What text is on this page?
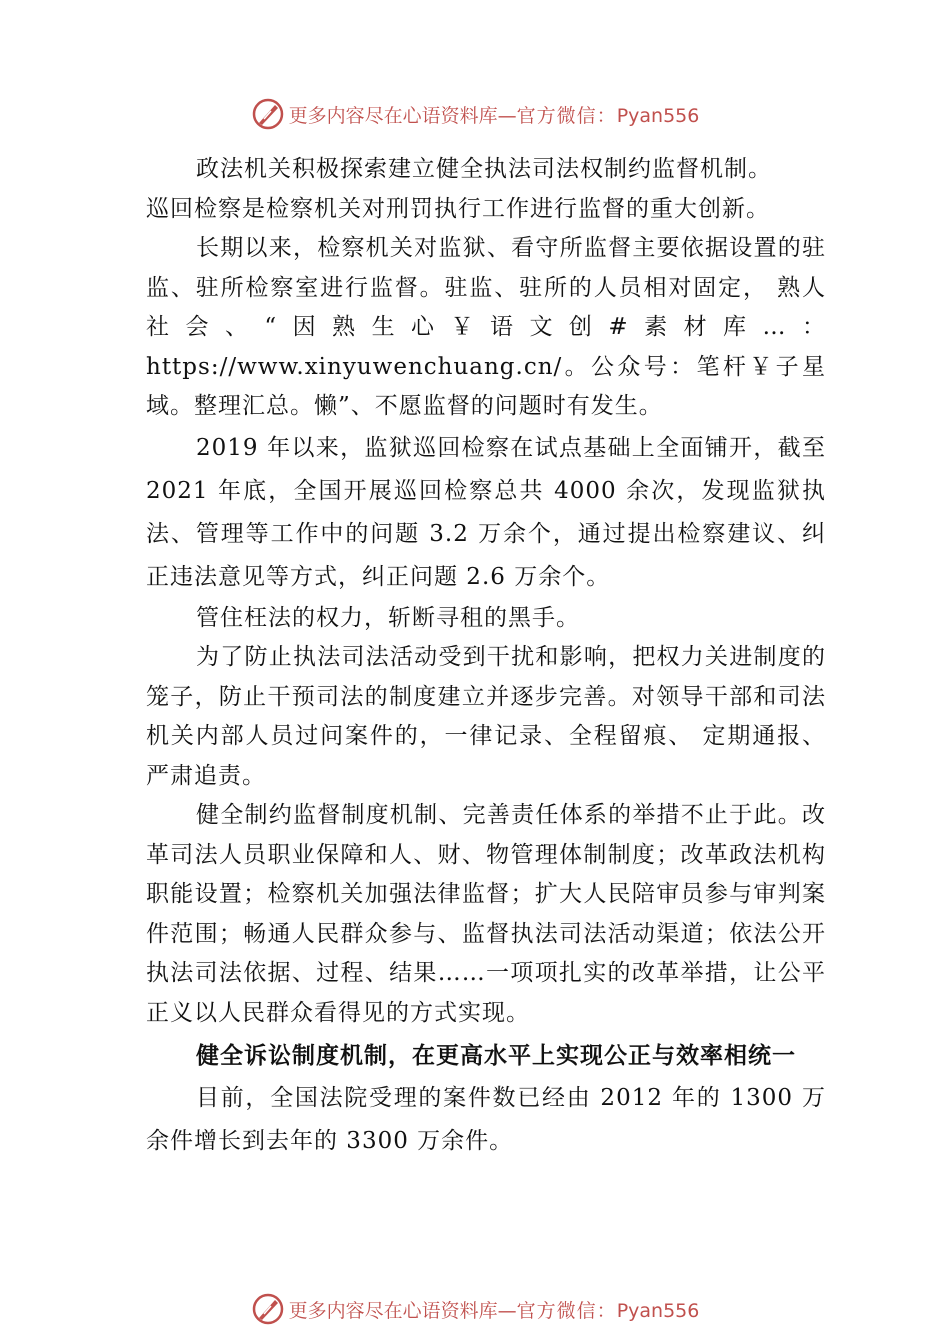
更多内容尽在心语资料库—官方微信：Pyan556

政法机关积极探索建立健全执法司法权制约监督机制。

巡回检察是检察机关对刑罚执行工作进行监督的重大创新。

长期以来，检察机关对监狱、看守所监督主要依据设置的驻监、驻所检察室进行监督。驻监、驻所的人员相对固定， 熟人社会、“因熟生心￥语文创#素材库…：https://www.xinyuwenchuang.cn/。公众号：笔杆￥子星域。整理汇总。懒”、不愿监督的问题时有发生。

2019 年以来，监狱巡回检察在试点基础上全面铺开，截至 2021 年底，全国开展巡回检察总共 4000 余次，发现监狱执法、管理等工作中的问题 3.2 万余个，通过提出检察建议、纠正违法意见等方式，纠正问题 2.6 万余个。

管住枉法的权力，斩断寻租的黑手。

为了防止执法司法活动受到干扰和影响，把权力关进制度的笼子，防止干预司法的制度建立并逐步完善。对领导干部和司法机关内部人员过问案件的，一律记录、全程留痕、 定期通报、严肃追责。

健全制约监督制度机制、完善责任体系的举措不止于此。改革司法人员职业保障和人、财、物管理体制制度；改革政法机构职能设置；检察机关加强法律监督；扩大人民陪审员参与审判案件范围；畅通人民群众参与、监督执法司法活动渠道；依法公开执法司法依据、过程、结果……一项项扎实的改革举措，让公平正义以人民群众看得见的方式实现。

健全诉讼制度机制，在更高水平上实现公正与效率相统一

目前，全国法院受理的案件数已经由 2012 年的 1300 万余件增长到去年的 3300 万余件。

更多内容尽在心语资料库—官方微信：Pyan556
